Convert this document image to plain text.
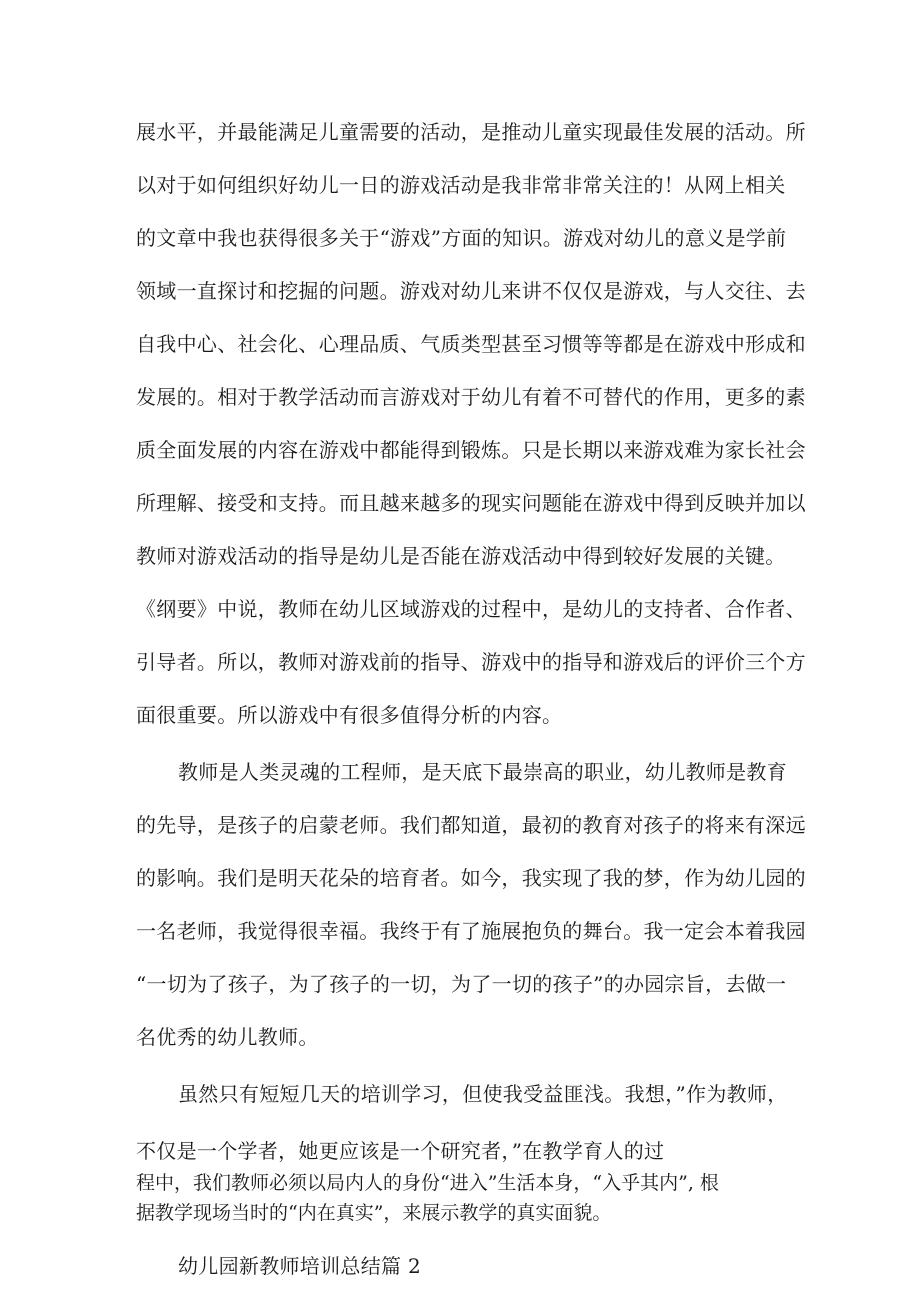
展水平，并最能满足儿童需要的活动，是推动儿童实现最佳发展的活动。所
以对于如何组织好幼儿一日的游戏活动是我非常非常关注的！从网上相关
的文章中我也获得很多关于“游戏”方面的知识。游戏对幼儿的意义是学前
领域一直探讨和挖掘的问题。游戏对幼儿来讲不仅仅是游戏，与人交往、去
自我中心、社会化、心理品质、气质类型甚至习惯等等都是在游戏中形成和
发展的。相对于教学活动而言游戏对于幼儿有着不可替代的作用，更多的素
质全面发展的内容在游戏中都能得到锻炼。只是长期以来游戏难为家长社会
所理解、接受和支持。而且越来越多的现实问题能在游戏中得到反映并加以
教师对游戏活动的指导是幼儿是否能在游戏活动中得到较好发展的关键。
《纲要》中说，教师在幼儿区域游戏的过程中，是幼儿的支持者、合作者、
引导者。所以，教师对游戏前的指导、游戏中的指导和游戏后的评价三个方
面很重要。所以游戏中有很多值得分析的内容。
教师是人类灵魂的工程师，是天底下最崇高的职业，幼儿教师是教育
的先导，是孩子的启蒙老师。我们都知道，最初的教育对孩子的将来有深远
的影响。我们是明天花朵的培育者。如今，我实现了我的梦，作为幼儿园的
一名老师，我觉得很幸福。我终于有了施展抱负的舞台。我一定会本着我园
“一切为了孩子，为了孩子的一切，为了一切的孩子”的办园宗旨，去做一
名优秀的幼儿教师。
虽然只有短短几天的培训学习，但使我受益匪浅。我想，”作为教师，
不仅是一个学者，她更应该是一个研究者，”在教学育人的过
程中，我们教师必须以局内人的身份“进入”生活本身，“入乎其内”, 根
据教学现场当时的“内在真实”，来展示教学的真实面貌。
幼儿园新教师培训总结篇 2
